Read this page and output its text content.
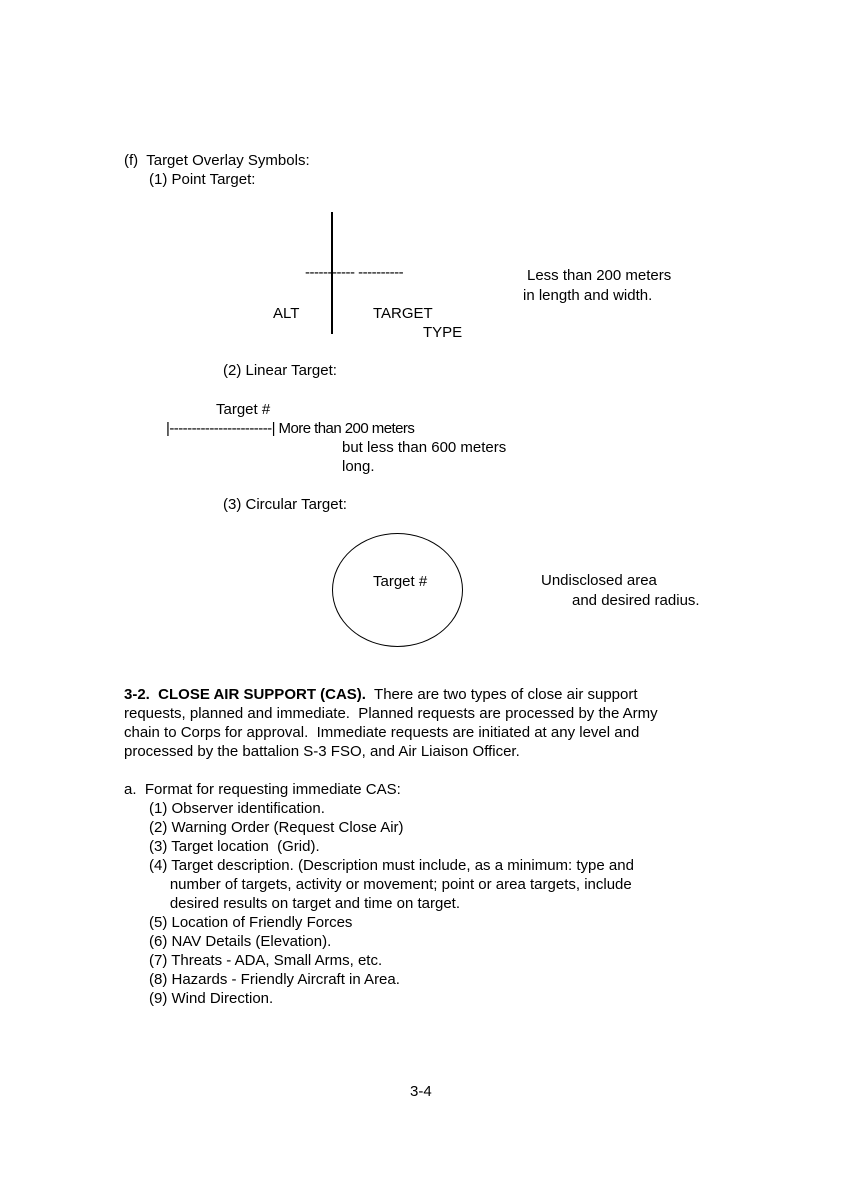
(f)  Target Overlay Symbols:
(1) Point Target:
----------- ----------
ALT	TARGET
TYPE
Less than 200 meters
in length and width.
(2) Linear Target:
Target #
|-----------------------| More than 200 meters
but less than 600 meters
long.
(3) Circular Target:
Target #	Undisclosed area
and desired radius.
3-2.  CLOSE AIR SUPPORT (CAS).  There are two types of close air support
requests, planned and immediate.  Planned requests are processed by the Army
chain to Corps for approval.  Immediate requests are initiated at any level and
processed by the battalion S-3 FSO, and Air Liaison Officer.
a.  Format for requesting immediate CAS:
(1) Observer identification.
(2) Warning Order (Request Close Air)
(3) Target location  (Grid).
(4) Target description. (Description must include, as a minimum: type and
number of targets, activity or movement; point or area targets, include
desired results on target and time on target.
(5) Location of Friendly Forces
(6) NAV Details (Elevation).
(7) Threats - ADA, Small Arms, etc.
(8) Hazards - Friendly Aircraft in Area.
(9) Wind Direction.
3-4
